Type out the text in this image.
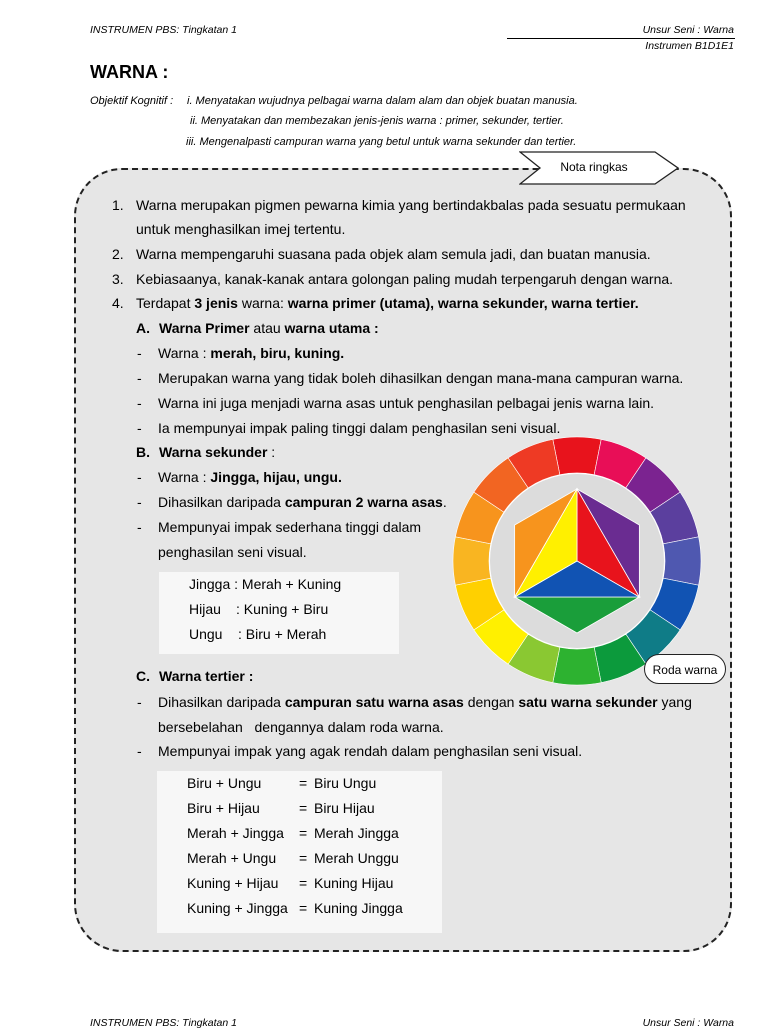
INSTRUMEN PBS: Tingkatan 1	Unsur Seni : Warna
Instrumen B1D1E1
WARNA :
Objektif Kognitif : i. Menyatakan wujudnya pelbagai warna dalam alam dan objek buatan manusia.
ii. Menyatakan dan membezakan jenis-jenis warna : primer, sekunder, tertier.
iii. Mengenalpasti campuran warna yang betul untuk warna sekunder dan tertier.
Nota ringkas
1. Warna merupakan pigmen pewarna kimia yang bertindakbalas pada sesuatu permukaan
untuk menghasilkan imej tertentu.
2. Warna mempengaruhi suasana pada objek alam semula jadi, dan buatan manusia.
3. Kebiasaanya, kanak-kanak antara golongan paling mudah terpengaruh dengan warna.
4. Terdapat 3 jenis warna: warna primer (utama), warna sekunder, warna tertier.
A. Warna Primer atau warna utama :
- Warna : merah, biru, kuning.
- Merupakan warna yang tidak boleh dihasilkan dengan mana-mana campuran warna.
- Warna ini juga menjadi warna asas untuk penghasilan pelbagai jenis warna lain.
- Ia mempunyai impak paling tinggi dalam penghasilan seni visual.
B. Warna sekunder :
- Warna : Jingga, hijau, ungu.
- Dihasilkan daripada campuran 2 warna asas.
- Mempunyai impak sederhana tinggi dalam
penghasilan seni visual.
Jingga : Merah + Kuning
Hijau : Kuning + Biru
Ungu : Biru + Merah
Roda warna
C. Warna tertier :
- Dihasilkan daripada campuran satu warna asas dengan satu warna sekunder yang
bersebelahan   dengannya dalam roda warna.
- Mempunyai impak yang agak rendah dalam penghasilan seni visual.
Biru + Ungu	= Biru Ungu
Biru + Hijau	= Biru Hijau
Merah + Jingga = Merah Jingga
Merah + Ungu = Merah Unggu
Kuning + Hijau = Kuning Hijau
Kuning + Jingga = Kuning Jingga
INSTRUMEN PBS: Tingkatan 1	Unsur Seni : Warna
